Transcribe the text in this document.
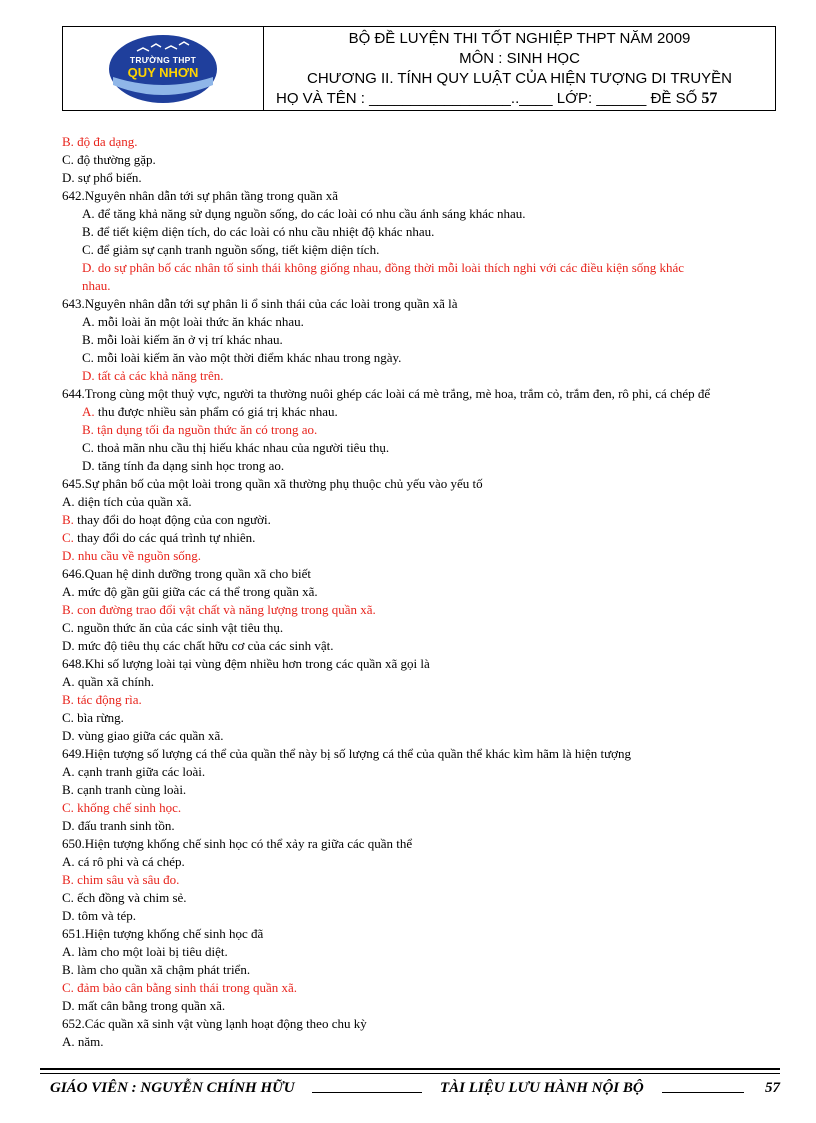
TRƯỜNG THPT
QUY NHƠN
BỘ ĐỀ LUYỆN THI TỐT NGHIỆP THPT NĂM 2009
MÔN : SINH HỌC
CHƯƠNG II. TÍNH QUY LUẬT CỦA HIỆN TƯỢNG DI TRUYỀN
HỌ VÀ TÊN : _________________..____ LỚP: ______ ĐỀ SỐ 57
B. độ đa dạng.
C. độ thường gặp.
D. sự phổ biến.
642.Nguyên nhân dẫn tới sự phân tầng trong quần xã
A. để tăng khả năng sử dụng nguồn sống, do các loài có nhu cầu ánh sáng khác nhau.
B. để tiết kiệm diện tích, do các loài có nhu cầu nhiệt độ khác nhau.
C. để giảm sự cạnh tranh nguồn sống, tiết kiệm diện tích.
D. do sự phân bố các nhân tố sinh thái không giống nhau, đồng thời mỗi loài thích nghi với các điều kiện sống khác
nhau.
643.Nguyên nhân dẫn tới sự phân li ổ sinh thái của các loài trong quần xã là
A. mỗi loài ăn một loài thức ăn khác nhau.
B. mỗi loài kiếm ăn ở vị trí khác nhau.
C. mỗi loài kiếm ăn vào một thời điểm khác nhau trong ngày.
D. tất cả các khả năng trên.
644.Trong cùng một thuỷ vực, người ta thường nuôi ghép các loài cá mè trắng, mè hoa, trắm cỏ, trắm đen, rô phi, cá chép để
A. thu được nhiều sản phẩm có giá trị khác nhau.
B. tận dụng tối đa nguồn thức ăn có trong ao.
C. thoả mãn nhu cầu thị hiếu khác nhau của người tiêu thụ.
D. tăng tính đa dạng sinh học trong ao.
645.Sự phân bố của một loài trong quần xã thường phụ thuộc chủ yếu vào yếu tố
A. diện tích của quần xã.
B. thay đổi do hoạt động của con người.
C. thay đổi do các quá trình tự nhiên.
D. nhu cầu về nguồn sống.
646.Quan hệ dinh dưỡng trong quần xã cho biết
A. mức độ gần gũi giữa các cá thể trong quần xã.
B. con đường trao đổi vật chất và năng lượng trong quần xã.
C. nguồn thức ăn của các sinh vật tiêu thụ.
D. mức độ tiêu thụ các chất hữu cơ của các sinh vật.
648.Khi số lượng loài tại vùng đệm nhiều hơn trong các quần xã gọi là
A. quần xã chính.
B. tác động rìa.
C. bìa rừng.
D. vùng giao giữa các quần xã.
649.Hiện tượng số lượng cá thể của quần thể này bị số lượng cá thể của quần thể khác kìm hãm là hiện tượng
A. cạnh tranh giữa các loài.
B. cạnh tranh cùng loài.
C. khống chế sinh học.
D. đấu tranh sinh tồn.
650.Hiện tượng khống chế sinh học có thể xảy ra giữa các quần thể
A. cá rô phi và cá chép.
B. chim sâu và sâu đo.
C. ếch đồng và chim sẻ.
D. tôm và tép.
651.Hiện tượng khống chế sinh học đã
A. làm cho một loài bị tiêu diệt.
B. làm cho quần xã chậm phát triển.
C. đảm bảo cân bằng sinh thái trong quần xã.
D. mất cân bằng trong quần xã.
652.Các quần xã sinh vật vùng lạnh hoạt động theo chu kỳ
A. năm.
GIÁO VIÊN : NGUYỄN CHÍNH HỮU	TÀI LIỆU LƯU HÀNH NỘI BỘ	57
